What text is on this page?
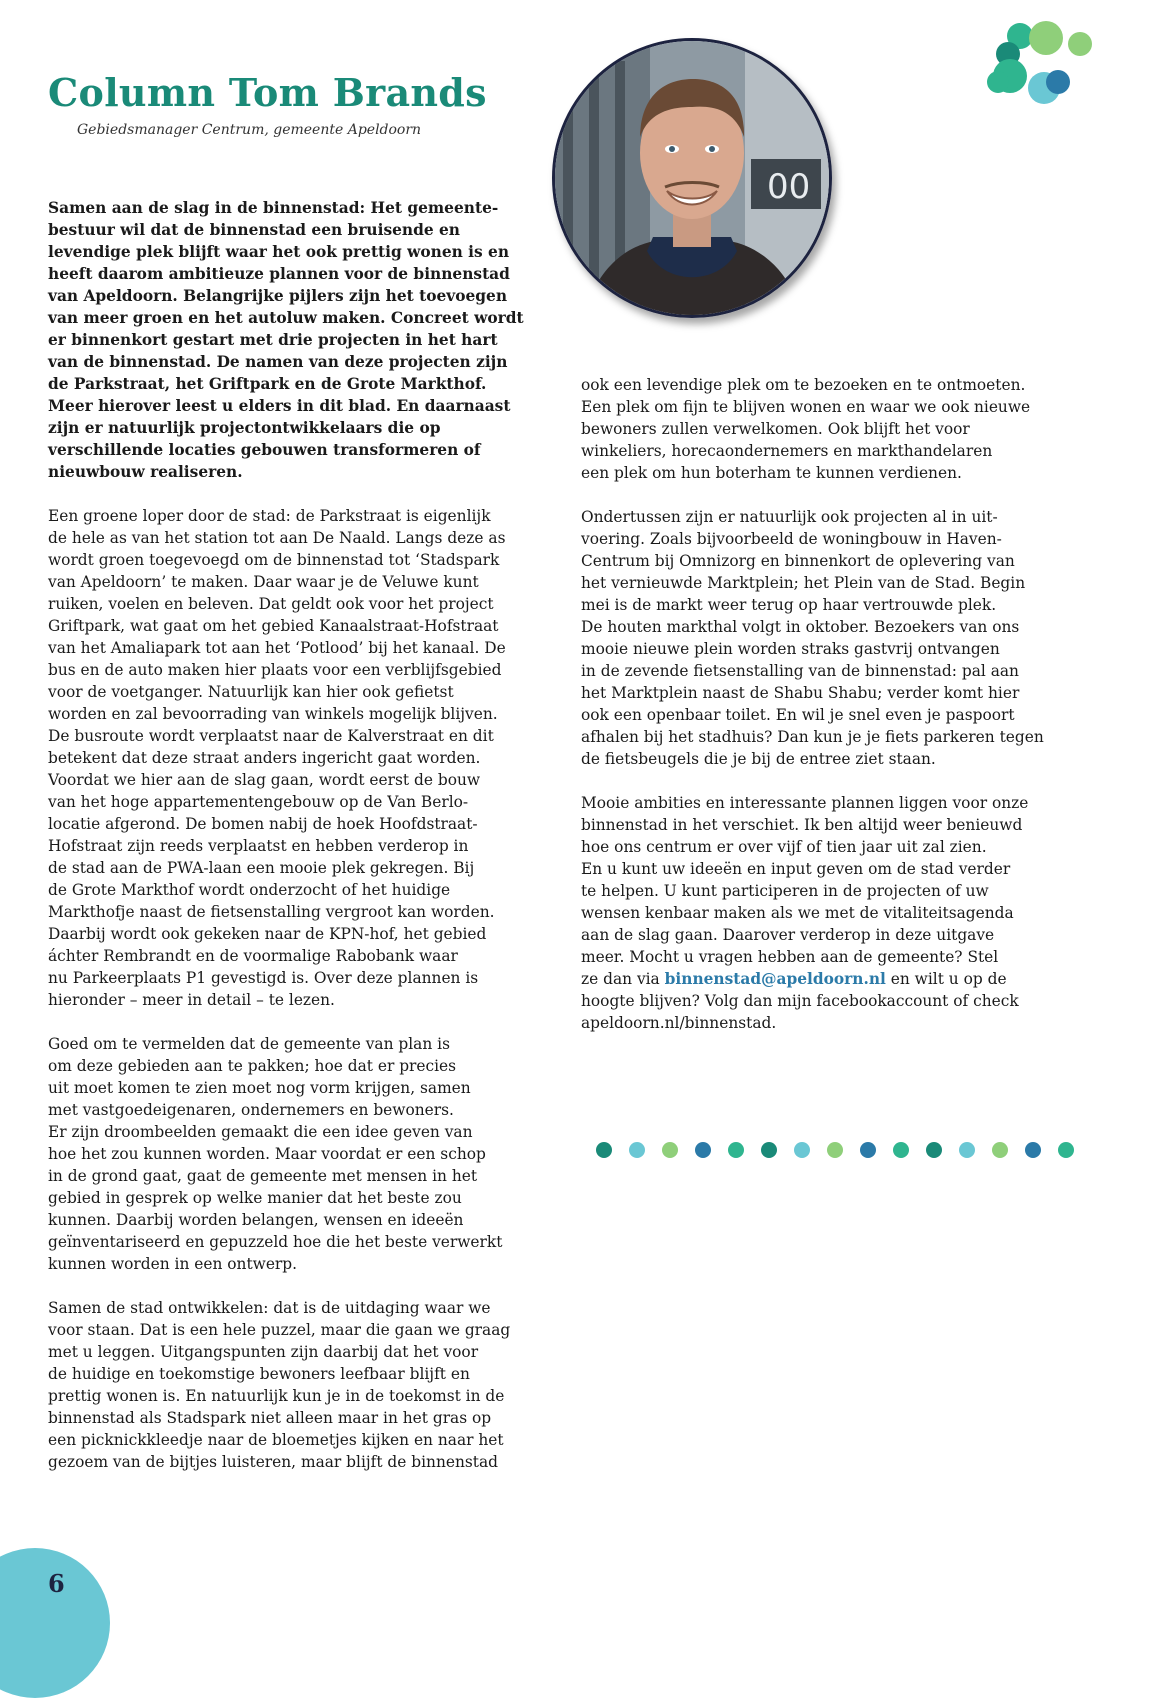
Column Tom Brands

Gebiedsmanager Centrum, gemeente Apeldoorn

00

Samen aan de slag in de binnenstad: Het gemeente-
bestuur wil dat de binnenstad een bruisende en
levendige plek blijft waar het ook prettig wonen is en
heeft daarom ambitieuze plannen voor de binnenstad
van Apeldoorn. Belangrijke pijlers zijn het toevoegen
van meer groen en het autoluw maken. Concreet wordt
er binnenkort gestart met drie projecten in het hart
van de binnenstad. De namen van deze projecten zijn
de Parkstraat, het Griftpark en de Grote Markthof.
Meer hierover leest u elders in dit blad. En daarnaast
zijn er natuurlijk projectontwikkelaars die op
verschillende locaties gebouwen transformeren of
nieuwbouw realiseren.

Een groene loper door de stad: de Parkstraat is eigenlijk
de hele as van het station tot aan De Naald. Langs deze as
wordt groen toegevoegd om de binnenstad tot ‘Stadspark
van Apeldoorn’ te maken. Daar waar je de Veluwe kunt
ruiken, voelen en beleven. Dat geldt ook voor het project
Griftpark, wat gaat om het gebied Kanaalstraat-Hofstraat
van het Amaliapark tot aan het ‘Potlood’ bij het kanaal. De
bus en de auto maken hier plaats voor een verblijfsgebied
voor de voetganger. Natuurlijk kan hier ook gefietst
worden en zal bevoorrading van winkels mogelijk blijven.
De busroute wordt verplaatst naar de Kalverstraat en dit
betekent dat deze straat anders ingericht gaat worden.
Voordat we hier aan de slag gaan, wordt eerst de bouw
van het hoge appartementengebouw op de Van Berlo-
locatie afgerond. De bomen nabij de hoek Hoofdstraat-
Hofstraat zijn reeds verplaatst en hebben verderop in
de stad aan de PWA-laan een mooie plek gekregen. Bij
de Grote Markthof wordt onderzocht of het huidige
Markthofje naast de fietsenstalling vergroot kan worden.
Daarbij wordt ook gekeken naar de KPN-hof, het gebied
áchter Rembrandt en de voormalige Rabobank waar
nu Parkeerplaats P1 gevestigd is. Over deze plannen is
hieronder – meer in detail – te lezen.

Goed om te vermelden dat de gemeente van plan is
om deze gebieden aan te pakken; hoe dat er precies
uit moet komen te zien moet nog vorm krijgen, samen
met vastgoedeigenaren, ondernemers en bewoners.
Er zijn droombeelden gemaakt die een idee geven van
hoe het zou kunnen worden. Maar voordat er een schop
in de grond gaat, gaat de gemeente met mensen in het
gebied in gesprek op welke manier dat het beste zou
kunnen. Daarbij worden belangen, wensen en ideeën
geïnventariseerd en gepuzzeld hoe die het beste verwerkt
kunnen worden in een ontwerp.

Samen de stad ontwikkelen: dat is de uitdaging waar we
voor staan. Dat is een hele puzzel, maar die gaan we graag
met u leggen. Uitgangspunten zijn daarbij dat het voor
de huidige en toekomstige bewoners leefbaar blijft en
prettig wonen is. En natuurlijk kun je in de toekomst in de
binnenstad als Stadspark niet alleen maar in het gras op
een picknickkleedje naar de bloemetjes kijken en naar het
gezoem van de bijtjes luisteren, maar blijft de binnenstad

ook een levendige plek om te bezoeken en te ontmoeten.
Een plek om fijn te blijven wonen en waar we ook nieuwe
bewoners zullen verwelkomen. Ook blijft het voor
winkeliers, horecaondernemers en markthandelaren
een plek om hun boterham te kunnen verdienen.

Ondertussen zijn er natuurlijk ook projecten al in uit-
voering. Zoals bijvoorbeeld de woningbouw in Haven-
Centrum bij Omnizorg en binnenkort de oplevering van
het vernieuwde Marktplein; het Plein van de Stad. Begin
mei is de markt weer terug op haar vertrouwde plek.
De houten markthal volgt in oktober. Bezoekers van ons
mooie nieuwe plein worden straks gastvrij ontvangen
in de zevende fietsenstalling van de binnenstad: pal aan
het Marktplein naast de Shabu Shabu; verder komt hier
ook een openbaar toilet. En wil je snel even je paspoort
afhalen bij het stadhuis? Dan kun je je fiets parkeren tegen
de fietsbeugels die je bij de entree ziet staan.

Mooie ambities en interessante plannen liggen voor onze
binnenstad in het verschiet. Ik ben altijd weer benieuwd
hoe ons centrum er over vijf of tien jaar uit zal zien.
En u kunt uw ideeën en input geven om de stad verder
te helpen. U kunt participeren in de projecten of uw
wensen kenbaar maken als we met de vitaliteitsagenda
aan de slag gaan. Daarover verderop in deze uitgave
meer. Mocht u vragen hebben aan de gemeente? Stel
ze dan via binnenstad@apeldoorn.nl en wilt u op de
hoogte blijven? Volg dan mijn facebookaccount of check
apeldoorn.nl/binnenstad.

6
